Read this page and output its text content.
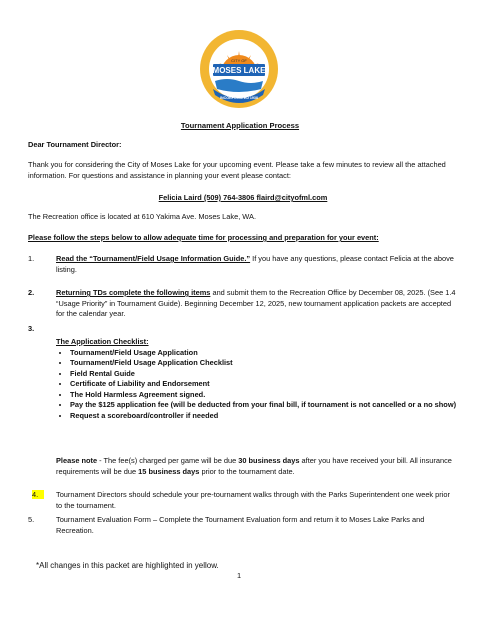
CITY OF
MOSES LAKE
INCORPORATED 1938
Tournament Application Process
Dear Tournament Director:
Thank you for considering the City of Moses Lake for your upcoming event. Please take a few minutes to review all the attached information. For questions and assistance in planning your event please contact:
Felicia Laird (509) 764-3806 flaird@cityofml.com
The Recreation office is located at 610 Yakima Ave. Moses Lake, WA.
Please follow the steps below to allow adequate time for processing and preparation for your event:
1.	Read the “Tournament/Field Usage Information Guide.” If you have any questions, please contact Felicia at the above listing.
2.	Returning TDs complete the following items and submit them to the Recreation Office by December 08, 2025. (See 1.4 “Usage Priority” in Tournament Guide). Beginning December 12, 2025, new tournament application packets are accepted for the calendar year.
3.
The Application Checklist:
• Tournament/Field Usage Application
• Tournament/Field Usage Application Checklist
• Field Rental Guide
• Certificate of Liability and Endorsement
• The Hold Harmless Agreement signed.
• Pay the $125 application fee (will be deducted from your final bill, if tournament is not cancelled or a no show)
• Request a scoreboard/controller if needed
Please note - The fee(s) charged per game will be due 30 business days after you have received your bill. All insurance requirements will be due 15 business days prior to the tournament date.
4.	Tournament Directors should schedule your pre-tournament walks through with the Parks Superintendent one week prior to the tournament.
5.	Tournament Evaluation Form – Complete the Tournament Evaluation form and return it to Moses Lake Parks and Recreation.
*All changes in this packet are highlighted in yellow.
1
